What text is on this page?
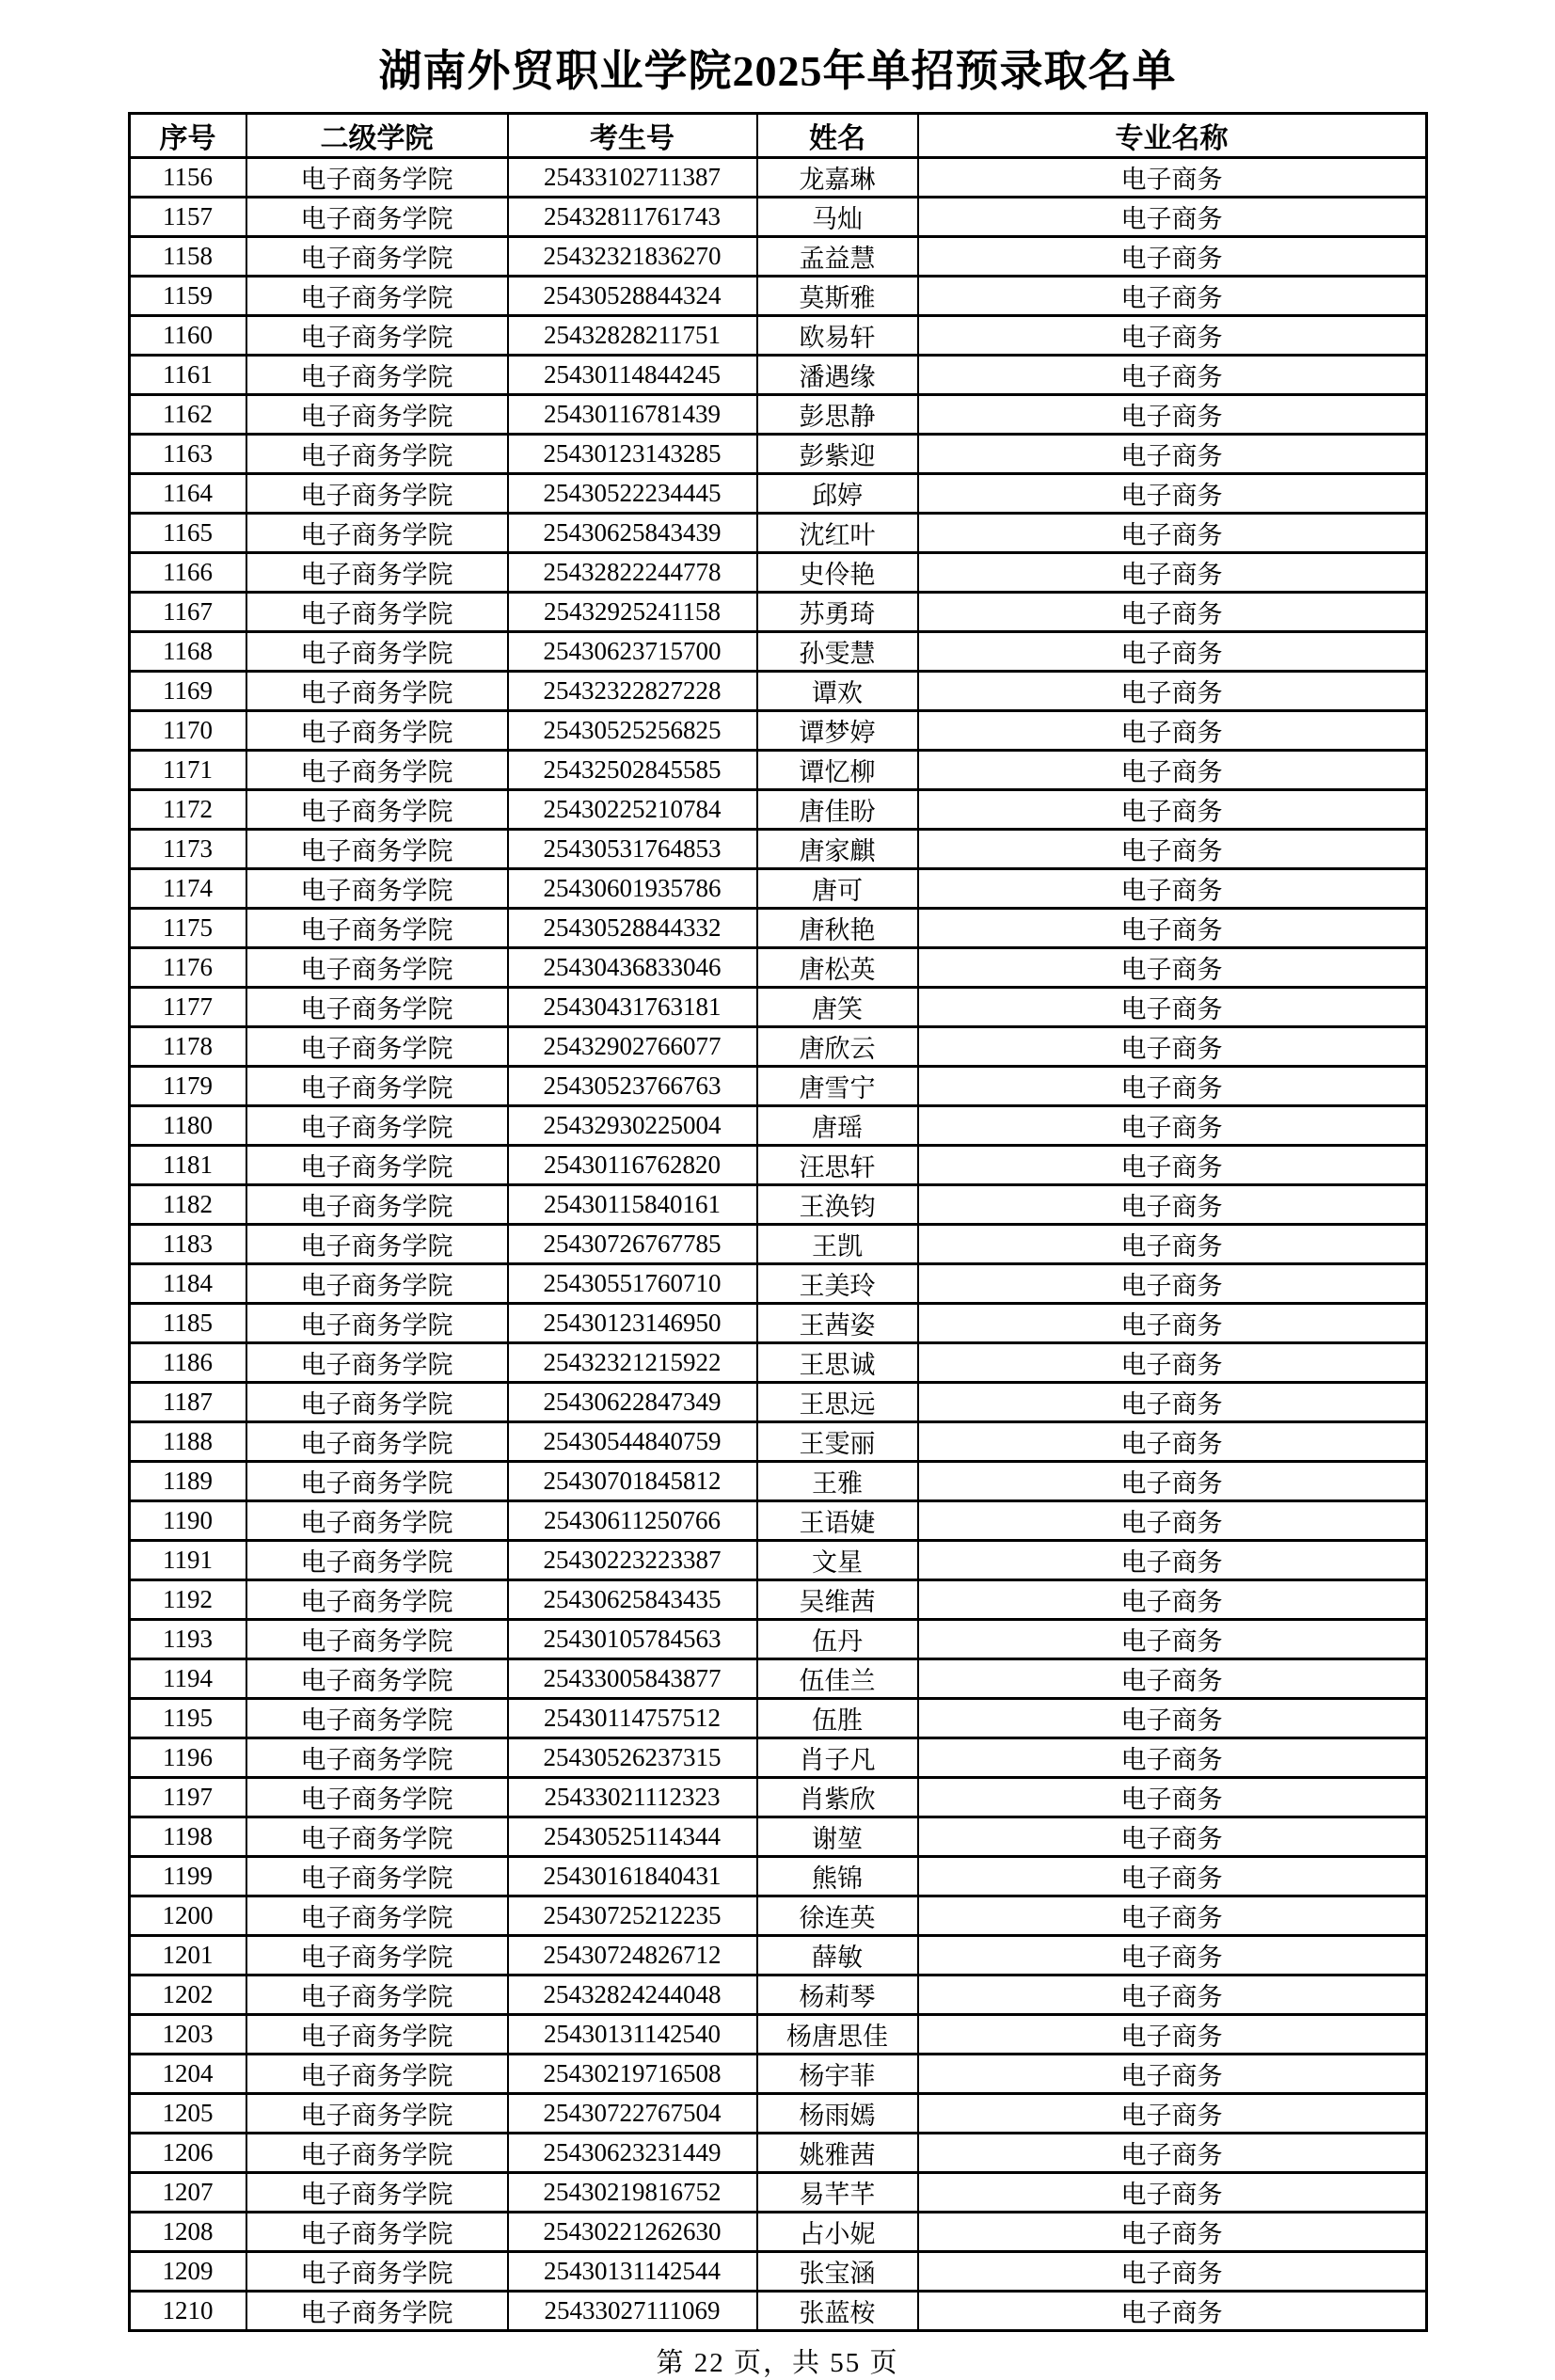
湖南外贸职业学院2025年单招预录取名单
序号	二级学院	考生号	姓名	专业名称
1156	电子商务学院	25433102711387	龙嘉琳	电子商务
1157	电子商务学院	25432811761743	马灿	电子商务
1158	电子商务学院	25432321836270	孟益慧	电子商务
1159	电子商务学院	25430528844324	莫斯雅	电子商务
1160	电子商务学院	25432828211751	欧易轩	电子商务
1161	电子商务学院	25430114844245	潘遇缘	电子商务
1162	电子商务学院	25430116781439	彭思静	电子商务
1163	电子商务学院	25430123143285	彭紫迎	电子商务
1164	电子商务学院	25430522234445	邱婷	电子商务
1165	电子商务学院	25430625843439	沈红叶	电子商务
1166	电子商务学院	25432822244778	史伶艳	电子商务
1167	电子商务学院	25432925241158	苏勇琦	电子商务
1168	电子商务学院	25430623715700	孙雯慧	电子商务
1169	电子商务学院	25432322827228	谭欢	电子商务
1170	电子商务学院	25430525256825	谭梦婷	电子商务
1171	电子商务学院	25432502845585	谭忆柳	电子商务
1172	电子商务学院	25430225210784	唐佳盼	电子商务
1173	电子商务学院	25430531764853	唐家麒	电子商务
1174	电子商务学院	25430601935786	唐可	电子商务
1175	电子商务学院	25430528844332	唐秋艳	电子商务
1176	电子商务学院	25430436833046	唐松英	电子商务
1177	电子商务学院	25430431763181	唐笑	电子商务
1178	电子商务学院	25432902766077	唐欣云	电子商务
1179	电子商务学院	25430523766763	唐雪宁	电子商务
1180	电子商务学院	25432930225004	唐瑶	电子商务
1181	电子商务学院	25430116762820	汪思轩	电子商务
1182	电子商务学院	25430115840161	王涣钧	电子商务
1183	电子商务学院	25430726767785	王凯	电子商务
1184	电子商务学院	25430551760710	王美玲	电子商务
1185	电子商务学院	25430123146950	王茜姿	电子商务
1186	电子商务学院	25432321215922	王思诚	电子商务
1187	电子商务学院	25430622847349	王思远	电子商务
1188	电子商务学院	25430544840759	王雯丽	电子商务
1189	电子商务学院	25430701845812	王雅	电子商务
1190	电子商务学院	25430611250766	王语婕	电子商务
1191	电子商务学院	25430223223387	文星	电子商务
1192	电子商务学院	25430625843435	吴维茜	电子商务
1193	电子商务学院	25430105784563	伍丹	电子商务
1194	电子商务学院	25433005843877	伍佳兰	电子商务
1195	电子商务学院	25430114757512	伍胜	电子商务
1196	电子商务学院	25430526237315	肖子凡	电子商务
1197	电子商务学院	25433021112323	肖紫欣	电子商务
1198	电子商务学院	25430525114344	谢堃	电子商务
1199	电子商务学院	25430161840431	熊锦	电子商务
1200	电子商务学院	25430725212235	徐连英	电子商务
1201	电子商务学院	25430724826712	薛敏	电子商务
1202	电子商务学院	25432824244048	杨莉琴	电子商务
1203	电子商务学院	25430131142540	杨唐思佳	电子商务
1204	电子商务学院	25430219716508	杨宇菲	电子商务
1205	电子商务学院	25430722767504	杨雨嫣	电子商务
1206	电子商务学院	25430623231449	姚雅茜	电子商务
1207	电子商务学院	25430219816752	易芊芊	电子商务
1208	电子商务学院	25430221262630	占小妮	电子商务
1209	电子商务学院	25430131142544	张宝涵	电子商务
1210	电子商务学院	25433027111069	张蓝桉	电子商务
第 22 页，共 55 页
